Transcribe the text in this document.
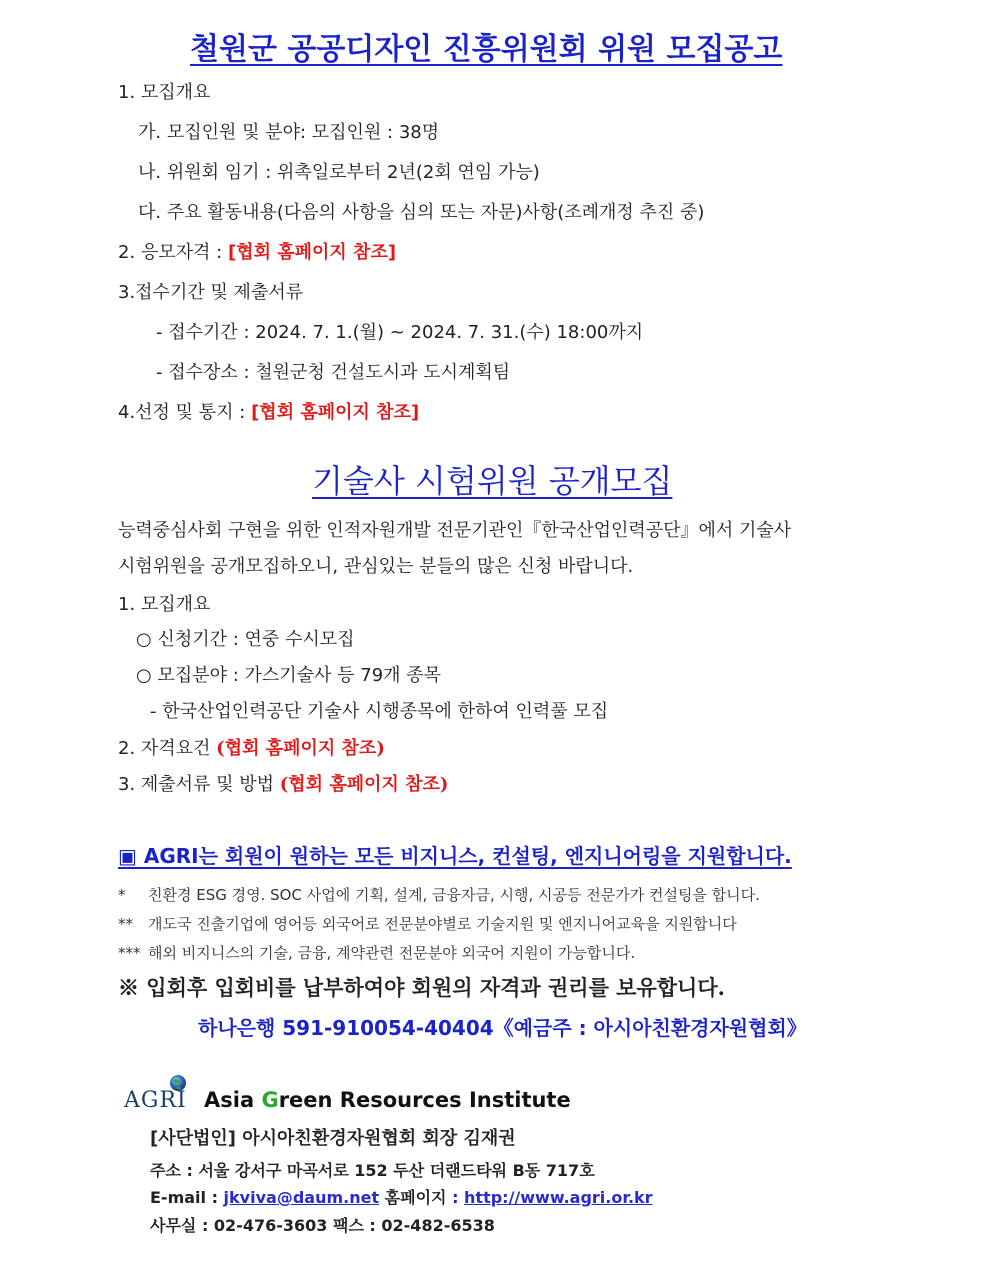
철원군 공공디자인 진흥위원회 위원 모집공고
1. 모집개요
가. 모집인원 및 분야: 모집인원 : 38명
나. 위원회 임기 : 위촉일로부터 2년(2회 연임 가능)
다. 주요 활동내용(다음의 사항을 심의 또는 자문)사항(조례개정 추진 중)
2. 응모자격 : [협회 홈페이지 참조]
3.접수기간 및 제출서류
- 접수기간 : 2024. 7. 1.(월) ~ 2024. 7. 31.(수) 18:00까지
- 접수장소 : 철원군청 건설도시과 도시계획팀
4.선정 및 통지 : [협회 홈페이지 참조]
기술사 시험위원 공개모집
능력중심사회 구현을 위한 인적자원개발 전문기관인『한국산업인력공단』에서 기술사
시험위원을 공개모집하오니, 관심있는 분들의 많은 신청 바랍니다.
1. 모집개요
○ 신청기간 : 연중 수시모집
○ 모집분야 : 가스기술사 등 79개 종목
- 한국산업인력공단 기술사 시행종목에 한하여 인력풀 모집
2. 자격요건 (협회 홈페이지 참조)
3. 제출서류 및 방법 (협회 홈페이지 참조)
▣ AGRI는 회원이 원하는 모든 비지니스, 컨설팅, 엔지니어링을 지원합니다.
* 친환경 ESG 경영. SOC 사업에 기획, 설계, 금융자금, 시행, 시공등 전문가가 컨설팅을 합니다.
** 개도국 진출기업에 영어등 외국어로 전문분야별로 기술지원 및 엔지니어교육을 지원합니다
*** 해외 비지니스의 기술, 금융, 계약관련 전문분야 외국어 지원이 가능합니다.
※ 입회후 입회비를 납부하여야 회원의 자격과 권리를 보유합니다.
하나은행 591-910054-40404《예금주 : 아시아친환경자원협회》
AGRI Asia Green Resources Institute
[사단법인] 아시아친환경자원협회 회장 김재권
주소 : 서울 강서구 마곡서로 152 두산 더랜드타워 B동 717호
E-mail : jkviva@daum.net 홈페이지 : http://www.agri.or.kr
사무실 : 02-476-3603 팩스 : 02-482-6538
